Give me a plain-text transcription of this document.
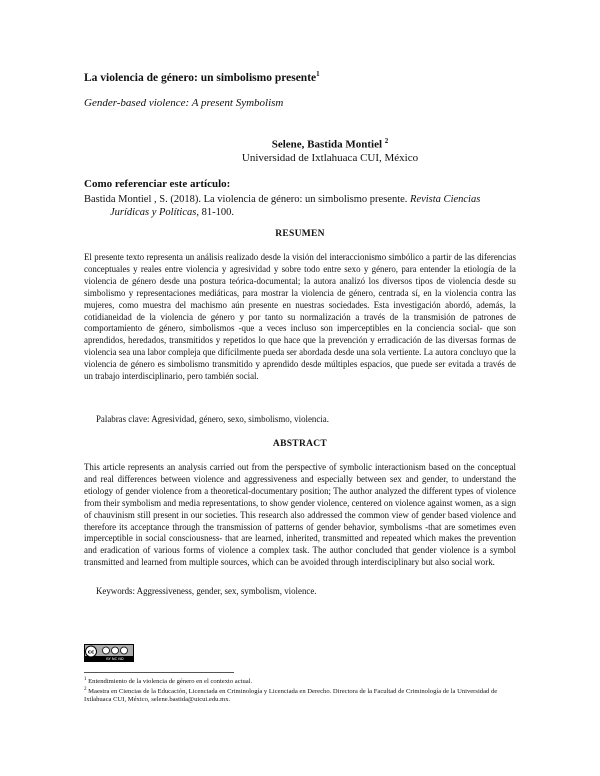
La violencia de género: un simbolismo presente$^1$
Gender-based violence: A present Symbolism
Selene, Bastida Montiel $^2$
Universidad de Ixtlahuaca CUI, México
Como referenciar este artículo:
Bastida Montiel , S. (2018). La violencia de género: un simbolismo presente. Revista Ciencias
Jurídicas y Políticas, 81-100.
RESUMEN
El presente texto representa un análisis realizado desde la visión del interaccionismo simbólico a partir de las diferencias conceptuales y reales entre violencia y agresividad y sobre todo entre sexo y género, para entender la etiología de la violencia de género desde una postura teórica-documental; la autora analizó los diversos tipos de violencia desde su simbolismo y representaciones mediáticas, para mostrar la violencia de género, centrada sí, en la violencia contra las mujeres, como muestra del machismo aún presente en nuestras sociedades. Esta investigación abordó, además, la cotidianeidad de la violencia de género y por tanto su normalización a través de la transmisión de patrones de comportamiento de género, simbolismos -que a veces incluso son imperceptibles en la conciencia social- que son aprendidos, heredados, transmitidos y repetidos lo que hace que la prevención y erradicación de las diversas formas de violencia sea una labor compleja que difícilmente pueda ser abordada desde una sola vertiente. La autora concluyo que la violencia de género es simbolismo transmitido y aprendido desde múltiples espacios, que puede ser evitada a través de un trabajo interdisciplinario, pero también social.
Palabras clave: Agresividad, género, sexo, simbolismo, violencia.
ABSTRACT
This article represents an analysis carried out from the perspective of symbolic interactionism based on the conceptual and real differences between violence and aggressiveness and especially between sex and gender, to understand the etiology of gender violence from a theoretical-documentary position; The author analyzed the different types of violence from their symbolism and media representations, to show gender violence, centered on violence against women, as a sign of chauvinism still present in our societies. This research also addressed the common view of gender based violence and therefore its acceptance through the transmission of patterns of gender behavior, symbolisms -that are sometimes even imperceptible in social consciousness- that are learned, inherited, transmitted and repeated which makes the prevention and eradication of various forms of violence a complex task. The author concluded that gender violence is a symbol transmitted and learned from multiple sources, which can be avoided through interdisciplinary but also social work.
Keywords: Aggressiveness, gender, sex, symbolism, violence.
cc
BY NC ND
$^1$ Entendimiento de la violencia de género en el contexto actual.
$^2$ Maestra en Ciencias de la Educación, Licenciada en Criminología y Licenciada en Derecho. Directora de la Facultad de Criminología de la Universidad de Ixtlahuaca CUI, México, selene.bastida@uicui.edu.mx.
